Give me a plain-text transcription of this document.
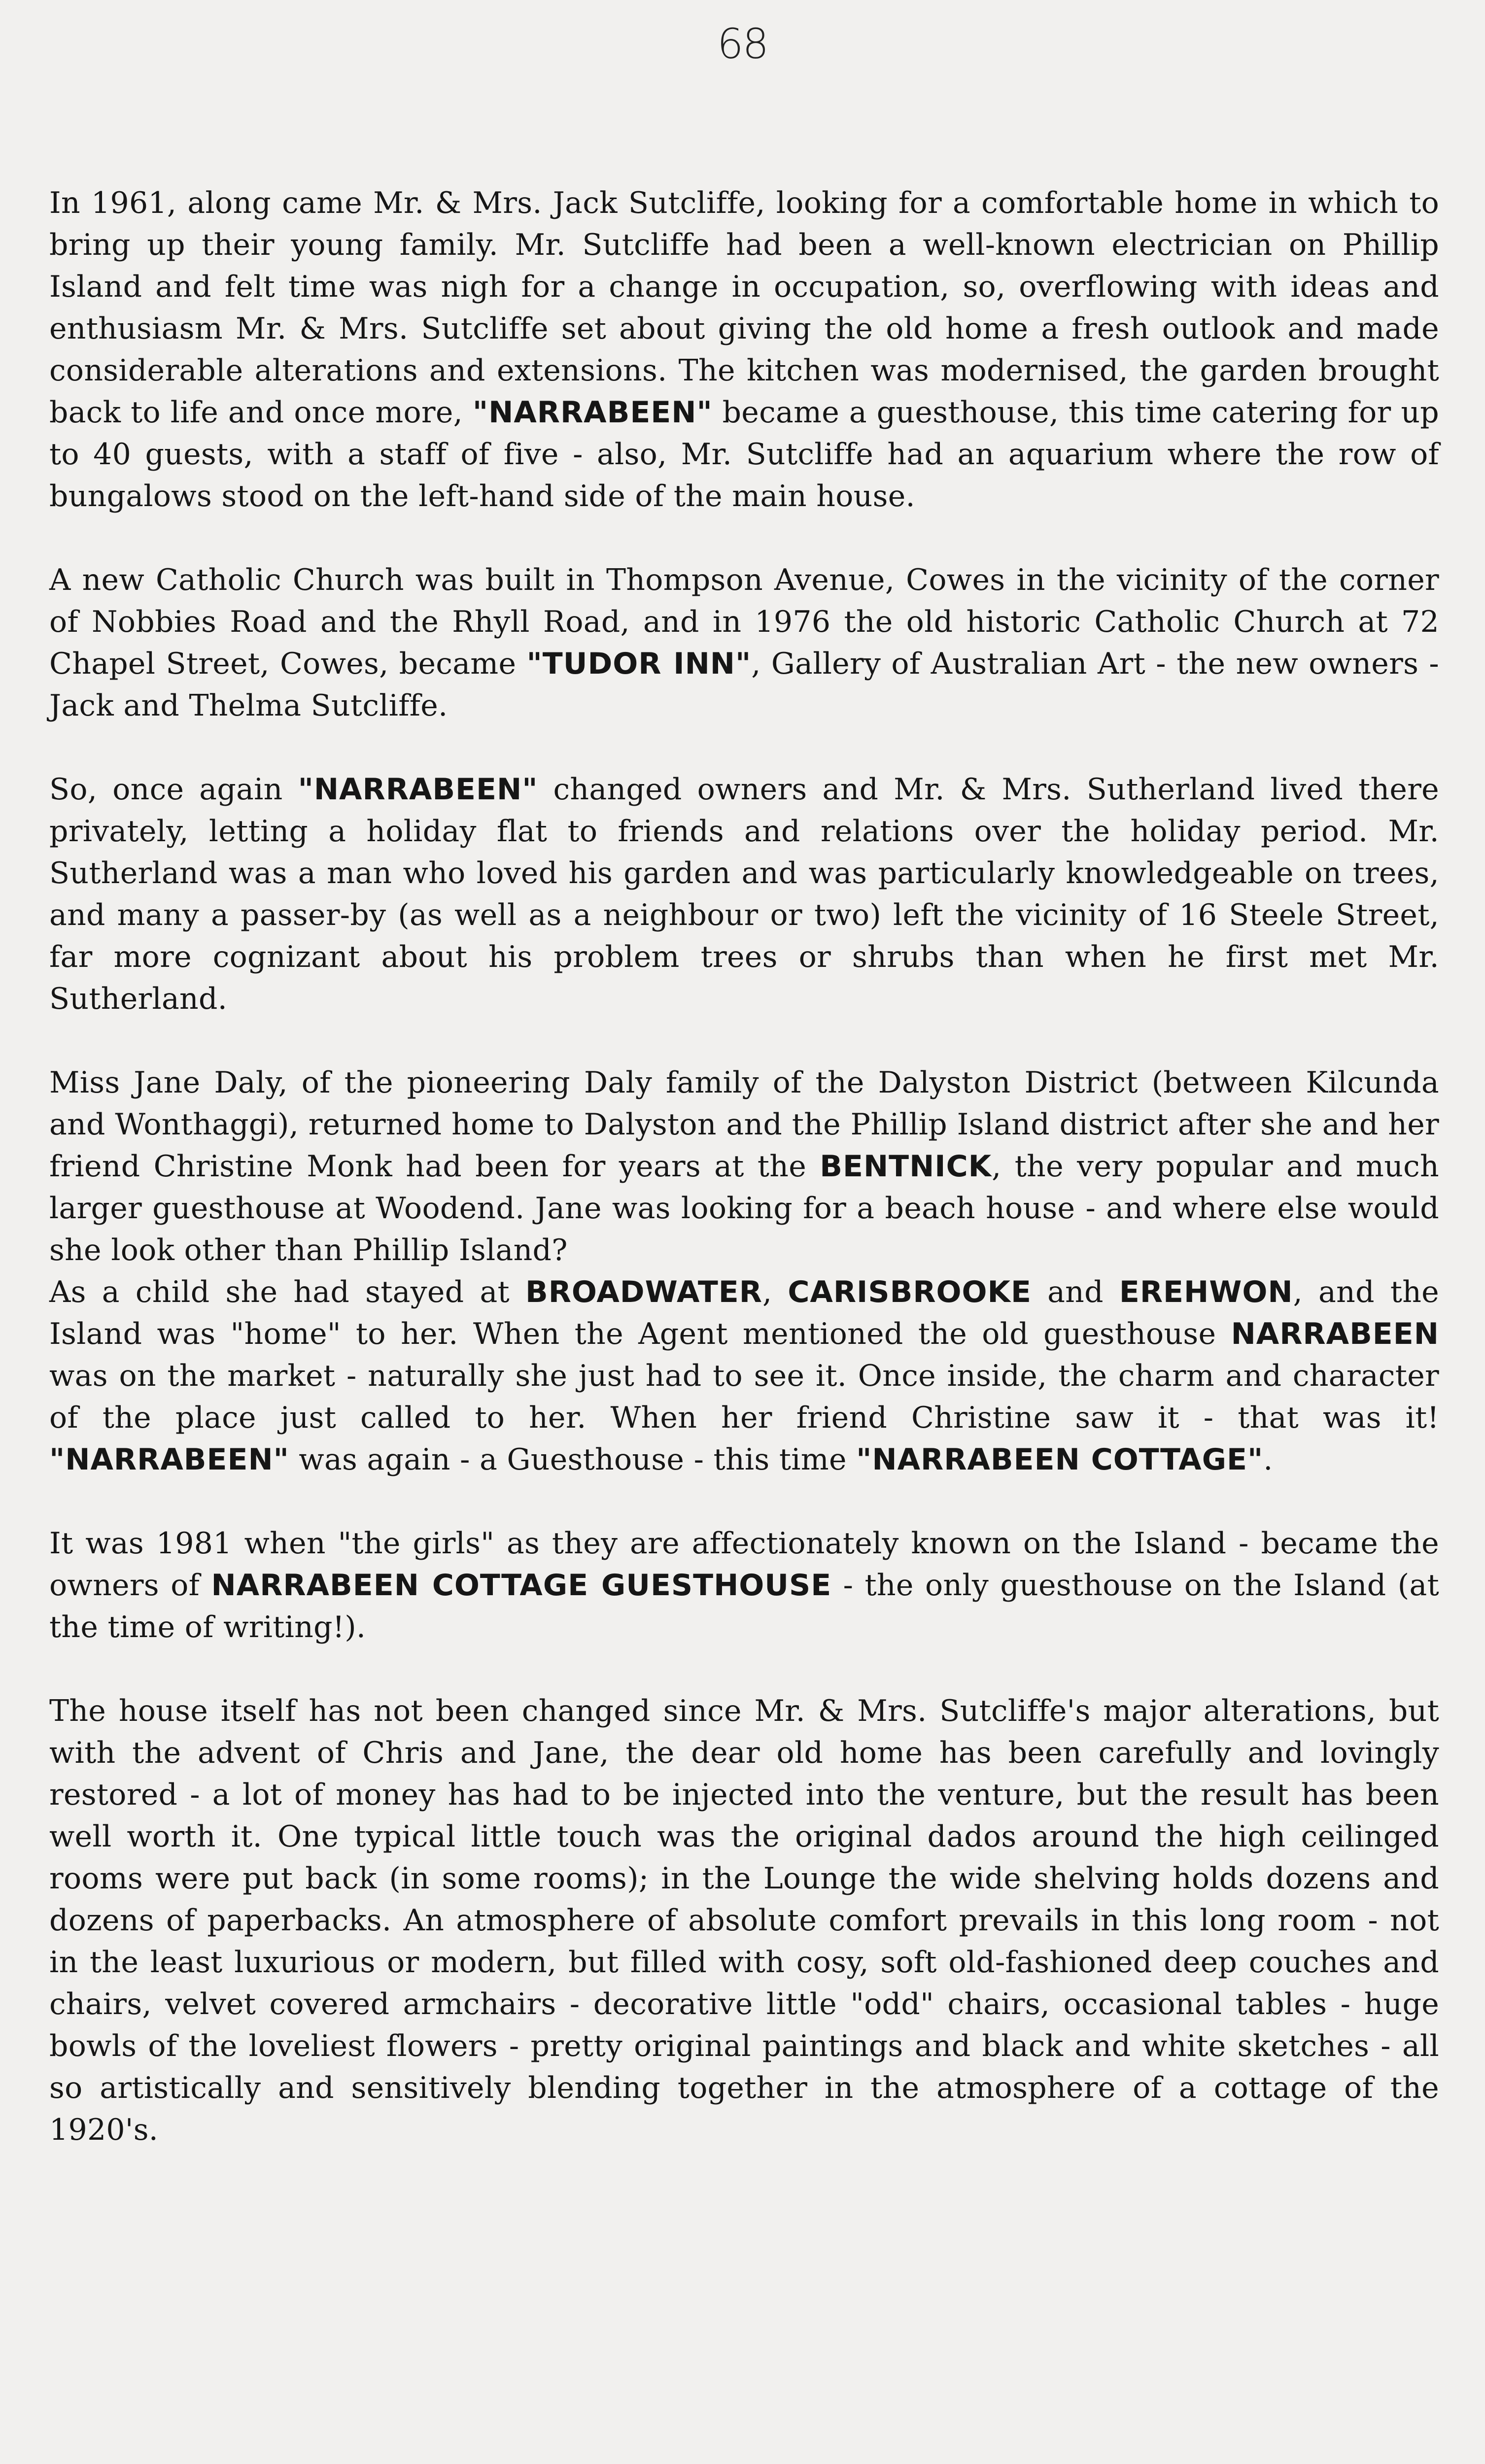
68

In 1961, along came Mr. & Mrs. Jack Sutcliffe, looking for a comfortable home in which to bring up their young family. Mr. Sutcliffe had been a well-known electrician on Phillip Island and felt time was nigh for a change in occupation, so, overflowing with ideas and enthusiasm Mr. & Mrs. Sutcliffe set about giving the old home a fresh outlook and made considerable alterations and extensions. The kitchen was modernised, the garden brought back to life and once more, "NARRABEEN" became a guesthouse, this time catering for up to 40 guests, with a staff of five - also, Mr. Sutcliffe had an aquarium where the row of bungalows stood on the left-hand side of the main house.

A new Catholic Church was built in Thompson Avenue, Cowes in the vicinity of the corner of Nobbies Road and the Rhyll Road, and in 1976 the old historic Catholic Church at 72 Chapel Street, Cowes, became "TUDOR INN", Gallery of Australian Art - the new owners - Jack and Thelma Sutcliffe.

So, once again "NARRABEEN" changed owners and Mr. & Mrs. Sutherland lived there privately, letting a holiday flat to friends and relations over the holiday period. Mr. Sutherland was a man who loved his garden and was particularly knowledgeable on trees, and many a passer-by (as well as a neighbour or two) left the vicinity of 16 Steele Street, far more cognizant about his problem trees or shrubs than when he first met Mr. Sutherland.

Miss Jane Daly, of the pioneering Daly family of the Dalyston District (between Kilcunda and Wonthaggi), returned home to Dalyston and the Phillip Island district after she and her friend Christine Monk had been for years at the BENTNICK, the very popular and much larger guesthouse at Woodend. Jane was looking for a beach house - and where else would she look other than Phillip Island?

As a child she had stayed at BROADWATER, CARISBROOKE and EREHWON, and the Island was "home" to her. When the Agent mentioned the old guesthouse NARRABEEN was on the market - naturally she just had to see it. Once inside, the charm and character of the place just called to her. When her friend Christine saw it - that was it! "NARRABEEN" was again - a Guesthouse - this time "NARRABEEN COTTAGE".

It was 1981 when "the girls" as they are affectionately known on the Island - became the owners of NARRABEEN COTTAGE GUESTHOUSE - the only guesthouse on the Island (at the time of writing!).

The house itself has not been changed since Mr. & Mrs. Sutcliffe's major alterations, but with the advent of Chris and Jane, the dear old home has been carefully and lovingly restored - a lot of money has had to be injected into the venture, but the result has been well worth it. One typical little touch was the original dados around the high ceilinged rooms were put back (in some rooms); in the Lounge the wide shelving holds dozens and dozens of paperbacks. An atmosphere of absolute comfort prevails in this long room - not in the least luxurious or modern, but filled with cosy, soft old-fashioned deep couches and chairs, velvet covered armchairs - decorative little "odd" chairs, occasional tables - huge bowls of the loveliest flowers - pretty original paintings and black and white sketches - all so artistically and sensitively blending together in the atmosphere of a cottage of the 1920's.
